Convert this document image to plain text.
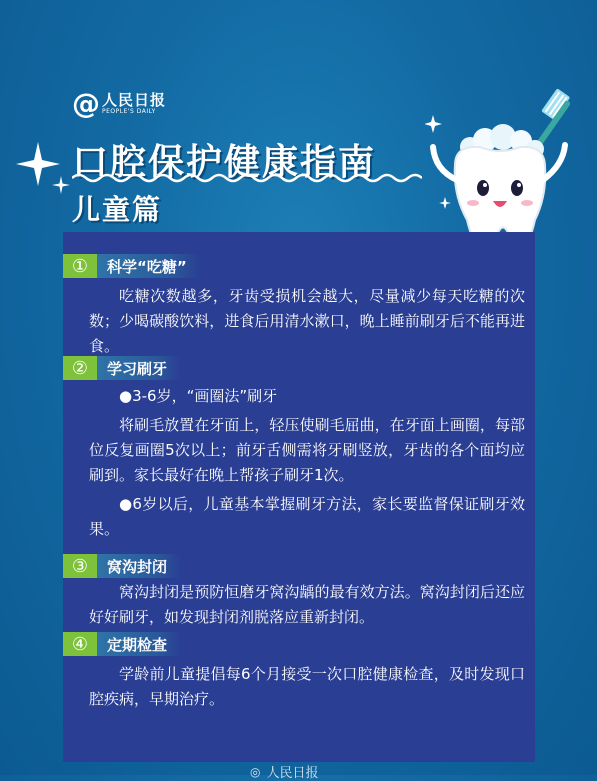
@ 人民日报
PEOPLE'S DAILY
口腔保护健康指南
儿童篇
①	科学“吃糖”

吃糖次数越多，牙齿受损机会越大，尽量减少每天吃糖的次数；少喝碳酸饮料，进食后用清水漱口，晚上睡前刷牙后不能再进食。

②	学习刷牙

●3-6岁，“画圈法”刷牙

将刷毛放置在牙面上，轻压使刷毛屈曲，在牙面上画圈，每部位反复画圈5次以上；前牙舌侧需将牙刷竖放，牙齿的各个面均应刷到。家长最好在晚上帮孩子刷牙1次。

●6岁以后，儿童基本掌握刷牙方法，家长要监督保证刷牙效果。

③	窝沟封闭

窝沟封闭是预防恒磨牙窝沟龋的最有效方法。窝沟封闭后还应好好刷牙，如发现封闭剂脱落应重新封闭。

④	定期检查

学龄前儿童提倡每6个月接受一次口腔健康检查，及时发现口腔疾病，早期治疗。

◎ 人民日报
